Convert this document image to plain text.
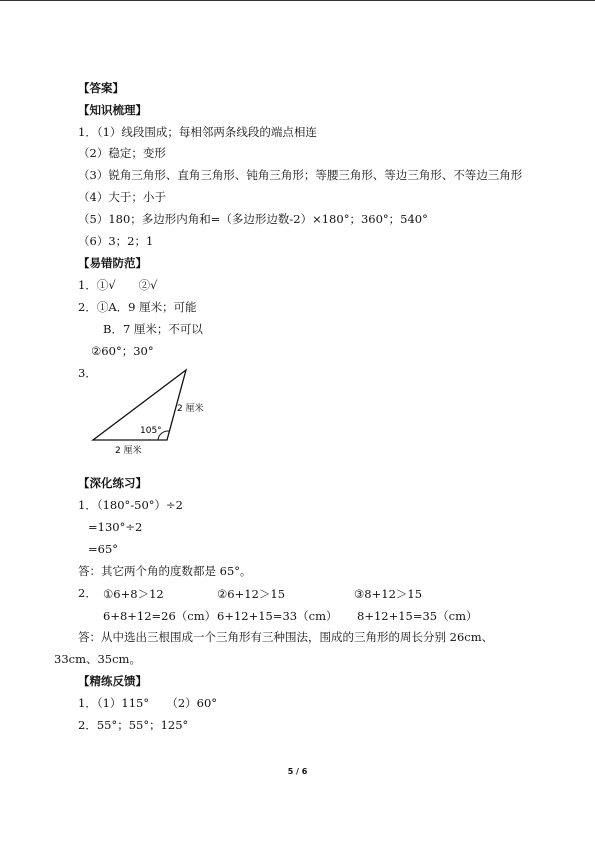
【答案】
【知识梳理】
1．（1）线段围成；每相邻两条线段的端点相连
（2）稳定；变形
（3）锐角三角形、直角三角形、钝角三角形；等腰三角形、等边三角形、不等边三角形
（4）大于；小于
（5）180；多边形内角和=（多边形边数-2）×180°；360°；540°
（6）3；2；1
【易错防范】
1．①√　　②√
2．①A．9 厘米；可能
B．7 厘米；不可以
②60°；30°
3．
105°
2 厘米
2 厘米
【深化练习】
1．（180°-50°）÷2
=130°÷2
=65°
答：其它两个角的度数都是 65°。
2． ①6+8＞12	②6+12＞15	③8+12＞15
6+8+12=26（cm） 6+12+15=33（cm） 8+12+15=35（cm）
答：从中选出三根围成一个三角形有三种围法，围成的三角形的周长分别 26cm、
33cm、35cm。
【精练反馈】
1．（1）115°　　（2）60°
2．55°；55°；125°
5 / 6
